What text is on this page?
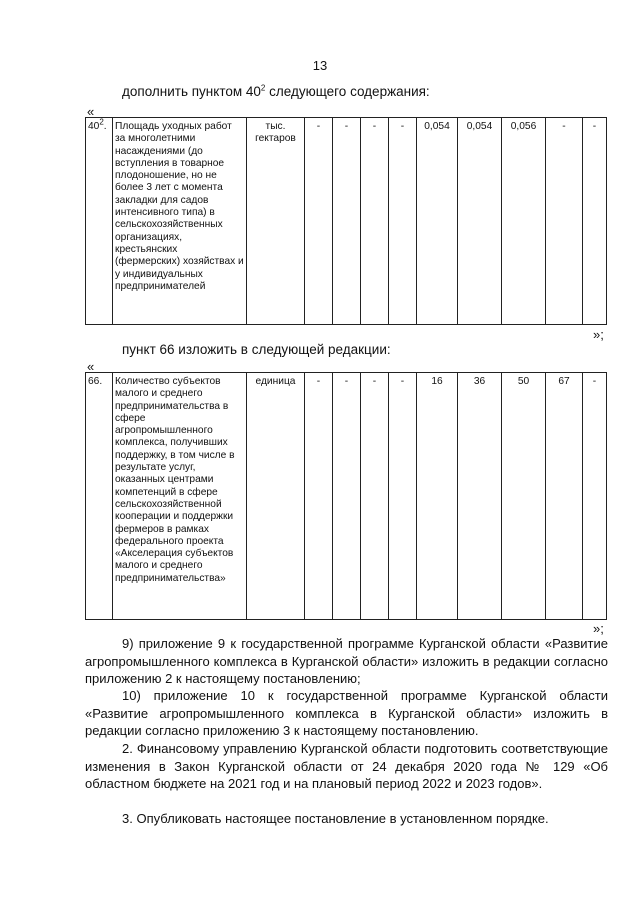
13
дополнить пунктом $40^2$ следующего содержания:
«
$40^2$.	Площадь уходных работ за многолетними насаждениями (до вступления в товарное плодоношение, но не более 3 лет с момента закладки для садов интенсивного типа) в сельскохозяйственных организациях, крестьянских (фермерских) хозяйствах и у индивидуальных предпринимателей	тыс. гектаров	-	-	-	-	0,054	0,054	0,056	-	-
»;
пункт 66 изложить в следующей редакции:
«
66.	Количество субъектов малого и среднего предпринимательства в сфере агропромышленного комплекса, получивших поддержку, в том числе в результате услуг, оказанных центрами компетенций в сфере сельскохозяйственной кооперации и поддержки фермеров в рамках федерального проекта «Акселерация субъектов малого и среднего предпринимательства»	единица	-	-	-	-	16	36	50	67	-
»;
9) приложение 9 к государственной программе Курганской области «Развитие агропромышленного комплекса в Курганской области» изложить в редакции согласно приложению 2 к настоящему постановлению;
10) приложение 10 к государственной программе Курганской области «Развитие агропромышленного комплекса в Курганской области» изложить в редакции согласно приложению 3 к настоящему постановлению.
2. Финансовому управлению Курганской области подготовить соответствующие изменения в Закон Курганской области от 24 декабря 2020 года № 129 «Об областном бюджете на 2021 год и на плановый период 2022 и 2023 годов».
3. Опубликовать настоящее постановление в установленном порядке.
